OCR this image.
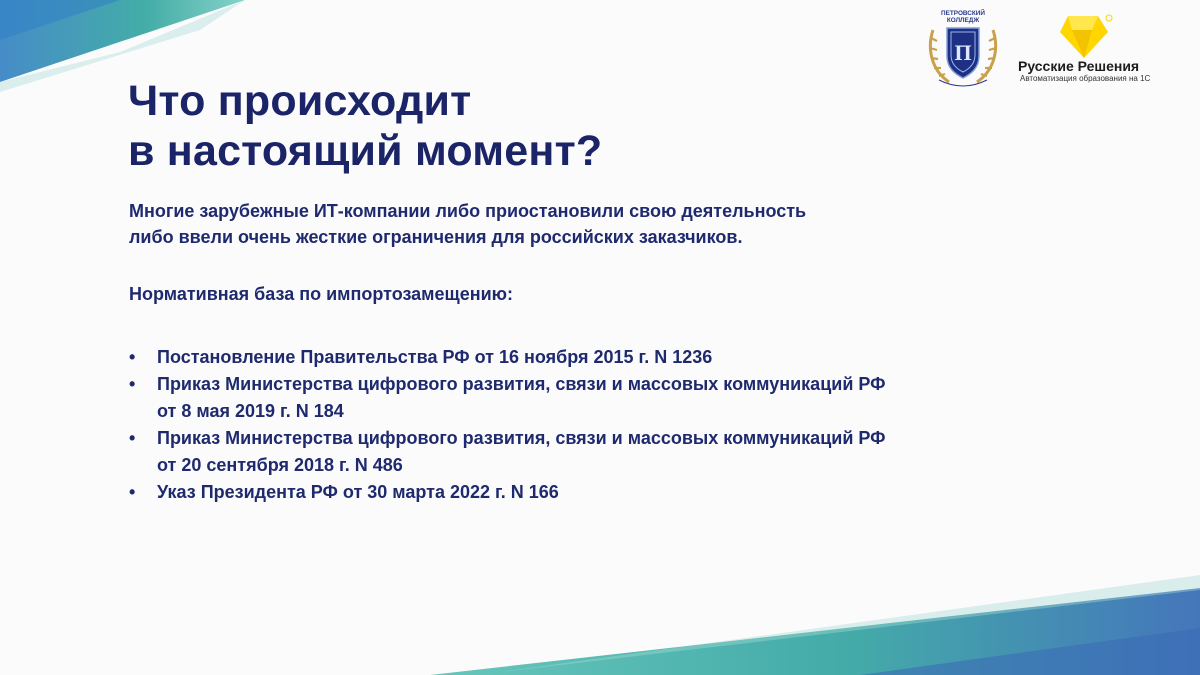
Что происходит
в настоящий момент?

Многие зарубежные ИТ-компании либо приостановили свою деятельность
либо ввели очень жесткие ограничения для российских заказчиков.

Нормативная база по импортозамещению:

• Постановление Правительства РФ от 16 ноября 2015 г. N 1236
• Приказ Министерства цифрового развития, связи и массовых коммуникаций РФ
от 8 мая 2019 г. N 184
• Приказ Министерства цифрового развития, связи и массовых коммуникаций РФ
от 20 сентября 2018 г. N 486
• Указ Президента РФ от 30 марта 2022 г. N 166
ПЕТРОВСКИЙ
КОЛЛЕДЖ
П
Русские Решения
Автоматизация образования на 1С
